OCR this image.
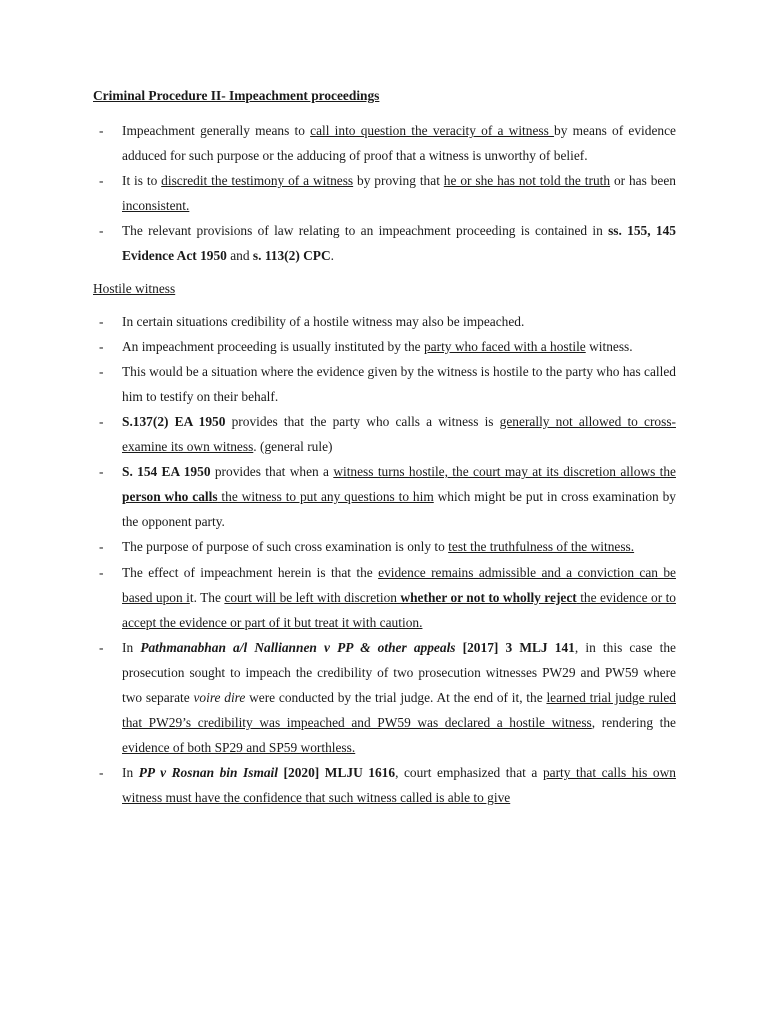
Criminal Procedure II- Impeachment proceedings
- Impeachment generally means to call into question the veracity of a witness by means of evidence adduced for such purpose or the adducing of proof that a witness is unworthy of belief.
- It is to discredit the testimony of a witness by proving that he or she has not told the truth or has been inconsistent.
- The relevant provisions of law relating to an impeachment proceeding is contained in ss. 155, 145 Evidence Act 1950 and s. 113(2) CPC.
Hostile witness
- In certain situations credibility of a hostile witness may also be impeached.
- An impeachment proceeding is usually instituted by the party who faced with a hostile witness.
- This would be a situation where the evidence given by the witness is hostile to the party who has called him to testify on their behalf.
- S.137(2) EA 1950 provides that the party who calls a witness is generally not allowed to cross-examine its own witness. (general rule)
- S. 154 EA 1950 provides that when a witness turns hostile, the court may at its discretion allows the person who calls the witness to put any questions to him which might be put in cross examination by the opponent party.
- The purpose of purpose of such cross examination is only to test the truthfulness of the witness.
- The effect of impeachment herein is that the evidence remains admissible and a conviction can be based upon it. The court will be left with discretion whether or not to wholly reject the evidence or to accept the evidence or part of it but treat it with caution.
- In Pathmanabhan a/l Nalliannen v PP & other appeals [2017] 3 MLJ 141, in this case the prosecution sought to impeach the credibility of two prosecution witnesses PW29 and PW59 where two separate voire dire were conducted by the trial judge. At the end of it, the learned trial judge ruled that PW29’s credibility was impeached and PW59 was declared a hostile witness, rendering the evidence of both SP29 and SP59 worthless.
- In PP v Rosnan bin Ismail [2020] MLJU 1616, court emphasized that a party that calls his own witness must have the confidence that such witness called is able to give
